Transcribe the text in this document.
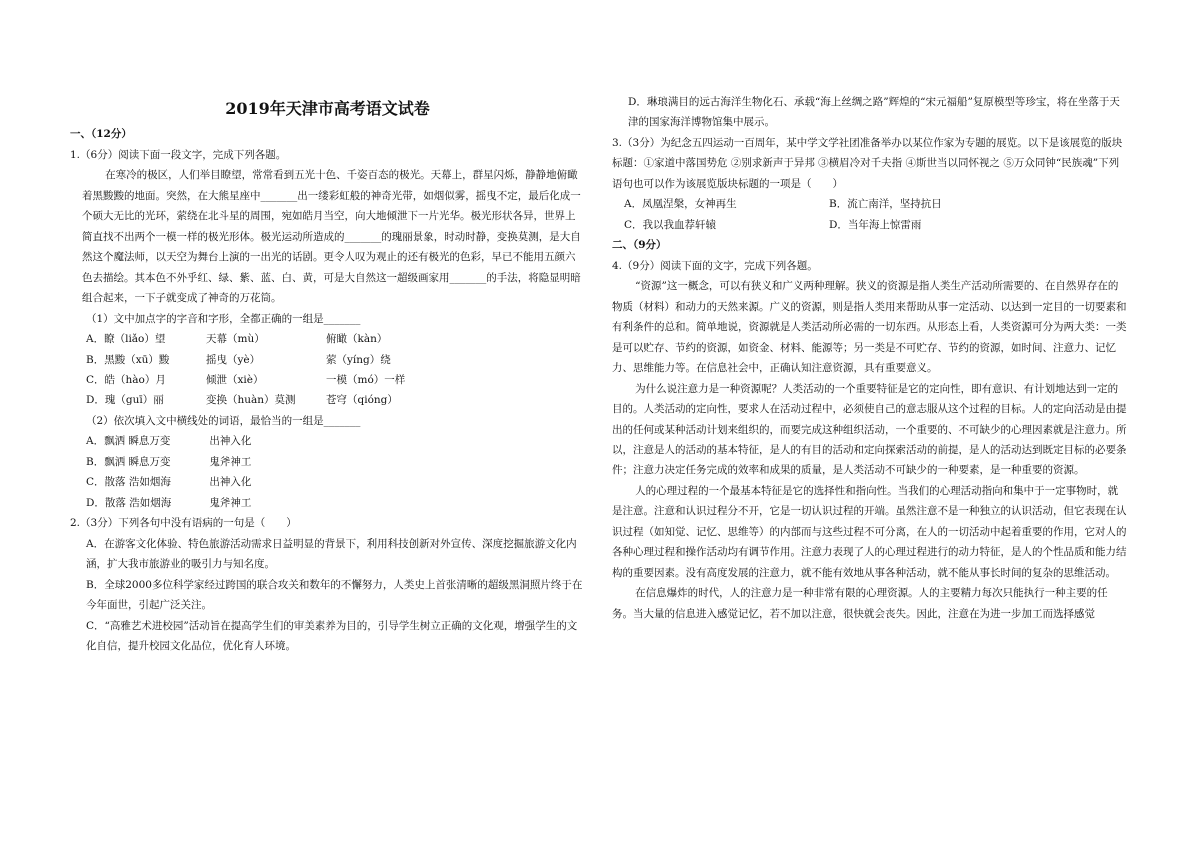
2019年天津市高考语文试卷

一、（12分）

1.（6分）阅读下面一段文字，完成下列各题。

在寒冷的极区，人们举目瞭望，常常看到五光十色、千姿百态的极光。天幕上，群星闪烁，静静地俯瞰着黑黢黢的地面。突然，在大熊星座中_______出一缕彩虹般的神奇光带，如烟似雾，摇曳不定，最后化成一个硕大无比的光环，萦绕在北斗星的周围，宛如皓月当空，向大地倾泄下一片光华。极光形状各异，世界上简直找不出两个一模一样的极光形体。极光运动所造成的_______的瑰丽景象，时动时静，变换莫测，是大自然这个魔法师，以天空为舞台上演的一出光的话剧。更令人叹为观止的还有极光的色彩，早已不能用五颜六色去描绘。其本色不外乎红、绿、紫、蓝、白、黄，可是大自然这一超级画家用_______的手法，将隐显明暗组合起来，一下子就变成了神奇的万花筒。

（1）文中加点字的字音和字形，全都正确的一组是_______

A．瞭（liǎo）望	天幕（mù）	俯瞰（kàn）
B．黑黢（xū）黢	摇曳（yè）	萦（yíng）绕
C．皓（hào）月	倾泄（xiè）	一模（mó）一样
D．瑰（guī）丽	变换（huàn）莫测	苍穹（qióng）

（2）依次填入文中横线处的词语，最恰当的一组是_______

A．飘洒 瞬息万变	出神入化
B．飘洒 瞬息万变	鬼斧神工
C．散落 浩如烟海	出神入化
D．散落 浩如烟海	鬼斧神工

2.（3分）下列各句中没有语病的一句是（　　）

A．在游客文化体验、特色旅游活动需求日益明显的背景下，利用科技创新对外宣传、深度挖掘旅游文化内涵，扩大我市旅游业的吸引力与知名度。

B．全球2000多位科学家经过跨国的联合攻关和数年的不懈努力，人类史上首张清晰的超级黑洞照片终于在今年面世，引起广泛关注。

C．“高雅艺术进校园”活动旨在提高学生们的审美素养为目的，引导学生树立正确的文化观，增强学生的文化自信，提升校园文化品位，优化育人环境。

D．琳琅满目的远古海洋生物化石、承载“海上丝绸之路”辉煌的“宋元福船”复原模型等珍宝，将在坐落于天津的国家海洋博物馆集中展示。

3.（3分）为纪念五四运动一百周年，某中学文学社团准备举办以某位作家为专题的展览。以下是该展览的版块标题：①家道中落国势危 ②别求新声于异邦 ③横眉冷对千夫指 ④斯世当以同怀视之 ⑤万众同钟“民族魂”下列语句也可以作为该展览版块标题的一项是（　　）

A．凤凰涅槃，女神再生	B．流亡南洋，坚持抗日
C．我以我血荐轩辕	D．当年海上惊雷雨

二、（9分）

4.（9分）阅读下面的文字，完成下列各题。

“资源”这一概念，可以有狭义和广义两种理解。狭义的资源是指人类生产活动所需要的、在自然界存在的物质（材料）和动力的天然来源。广义的资源，则是指人类用来帮助从事一定活动、以达到一定目的一切要素和有利条件的总和。简单地说，资源就是人类活动所必需的一切东西。从形态上看，人类资源可分为两大类：一类是可以贮存、节约的资源，如资金、材料、能源等；另一类是不可贮存、节约的资源，如时间、注意力、记忆力、思维能力等。在信息社会中，正确认知注意资源，具有重要意义。

为什么说注意力是一种资源呢？人类活动的一个重要特征是它的定向性，即有意识、有计划地达到一定的目的。人类活动的定向性，要求人在活动过程中，必须使自己的意志服从这个过程的目标。人的定向活动是由提出的任何或某种活动计划来组织的，而要完成这种组织活动，一个重要的、不可缺少的心理因素就是注意力。所以，注意是人的活动的基本特征，是人的有目的活动和定向探索活动的前提，是人的活动达到既定目标的必要条件；注意力决定任务完成的效率和成果的质量，是人类活动不可缺少的一种要素，是一种重要的资源。

人的心理过程的一个最基本特征是它的选择性和指向性。当我们的心理活动指向和集中于一定事物时，就是注意。注意和认识过程分不开，它是一切认识过程的开端。虽然注意不是一种独立的认识活动，但它表现在认识过程（如知觉、记忆、思维等）的内部而与这些过程不可分离，在人的一切活动中起着重要的作用，它对人的各种心理过程和操作活动均有调节作用。注意力表现了人的心理过程进行的动力特征，是人的个性品质和能力结构的重要因素。没有高度发展的注意力，就不能有效地从事各种活动，就不能从事长时间的复杂的思维活动。

在信息爆炸的时代，人的注意力是一种非常有限的心理资源。人的主要精力每次只能执行一种主要的任务。当大量的信息进入感觉记忆，若不加以注意，很快就会丧失。因此，注意在为进一步加工而选择感觉
